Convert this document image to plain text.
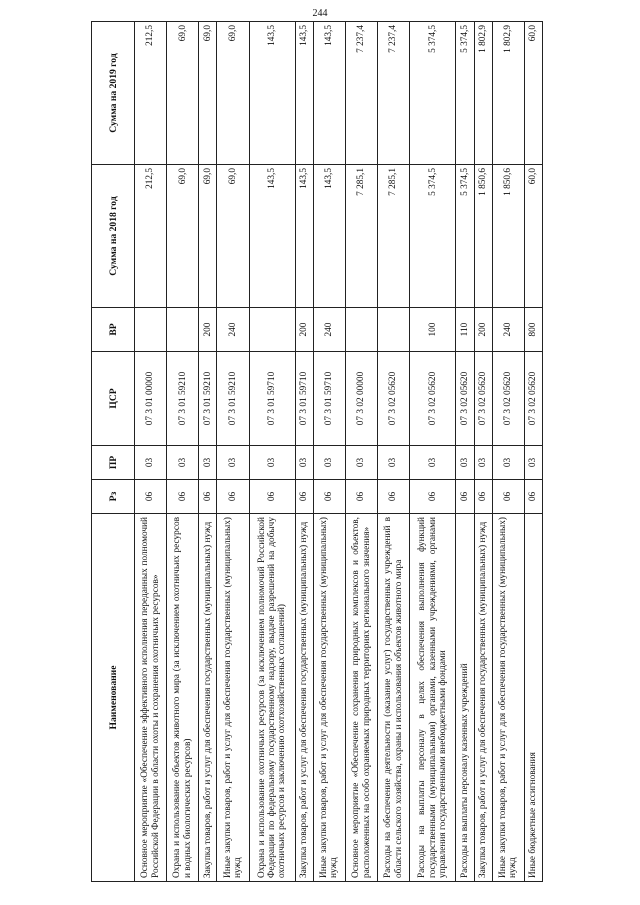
244
Наименование	Рз	ПР	ЦСР	ВР	Сумма на 2018 год	Сумма на 2019 год
Основное мероприятие «Обеспечение эффективного исполнения переданных полномочий Российской Федерации в области охоты и сохранения охотничьих ресурсов»	06	03	07 3 01 00000		212,5	212,5
Охрана и использование объектов животного мира (за исключением охотничьих ресурсов и водных биологических ресурсов)	06	03	07 3 01 59210		69,0	69,0
Закупка товаров, работ и услуг для обеспечения государственных (муниципальных) нужд	06	03	07 3 01 59210	200	69,0	69,0
Иные закупки товаров, работ и услуг для обеспечения государственных (муниципальных) нужд	06	03	07 3 01 59210	240	69,0	69,0
Охрана и использование охотничьих ресурсов (за исключением полномочий Российской Федерации по федеральному государственному надзору, выдаче разрешений на добычу охотничьих ресурсов и заключению охотхозяйственных соглашений)	06	03	07 3 01 59710		143,5	143,5
Закупка товаров, работ и услуг для обеспечения государственных (муниципальных) нужд	06	03	07 3 01 59710	200	143,5	143,5
Иные закупки товаров, работ и услуг для обеспечения государственных (муниципальных) нужд	06	03	07 3 01 59710	240	143,5	143,5
Основное мероприятие «Обеспечение сохранения природных комплексов и объектов, расположенных на особо охраняемых природных территориях регионального значения»	06	03	07 3 02 00000		7 285,1	7 237,4
Расходы на обеспечение деятельности (оказание услуг) государственных учреждений в области сельского хозяйства, охраны и использования объектов животного мира	06	03	07 3 02 05620		7 285,1	7 237,4
Расходы на выплаты персоналу в целях обеспечения выполнения функций государственными (муниципальными) органами, казенными учреждениями, органами управления государственными внебюджетными фондами	06	03	07 3 02 05620	100	5 374,5	5 374,5
Расходы на выплаты персоналу казенных учреждений	06	03	07 3 02 05620	110	5 374,5	5 374,5
Закупка товаров, работ и услуг для обеспечения государственных (муниципальных) нужд	06	03	07 3 02 05620	200	1 850,6	1 802,9
Иные закупки товаров, работ и услуг для обеспечения государственных (муниципальных) нужд	06	03	07 3 02 05620	240	1 850,6	1 802,9
Иные бюджетные ассигнования	06	03	07 3 02 05620	800	60,0	60,0
